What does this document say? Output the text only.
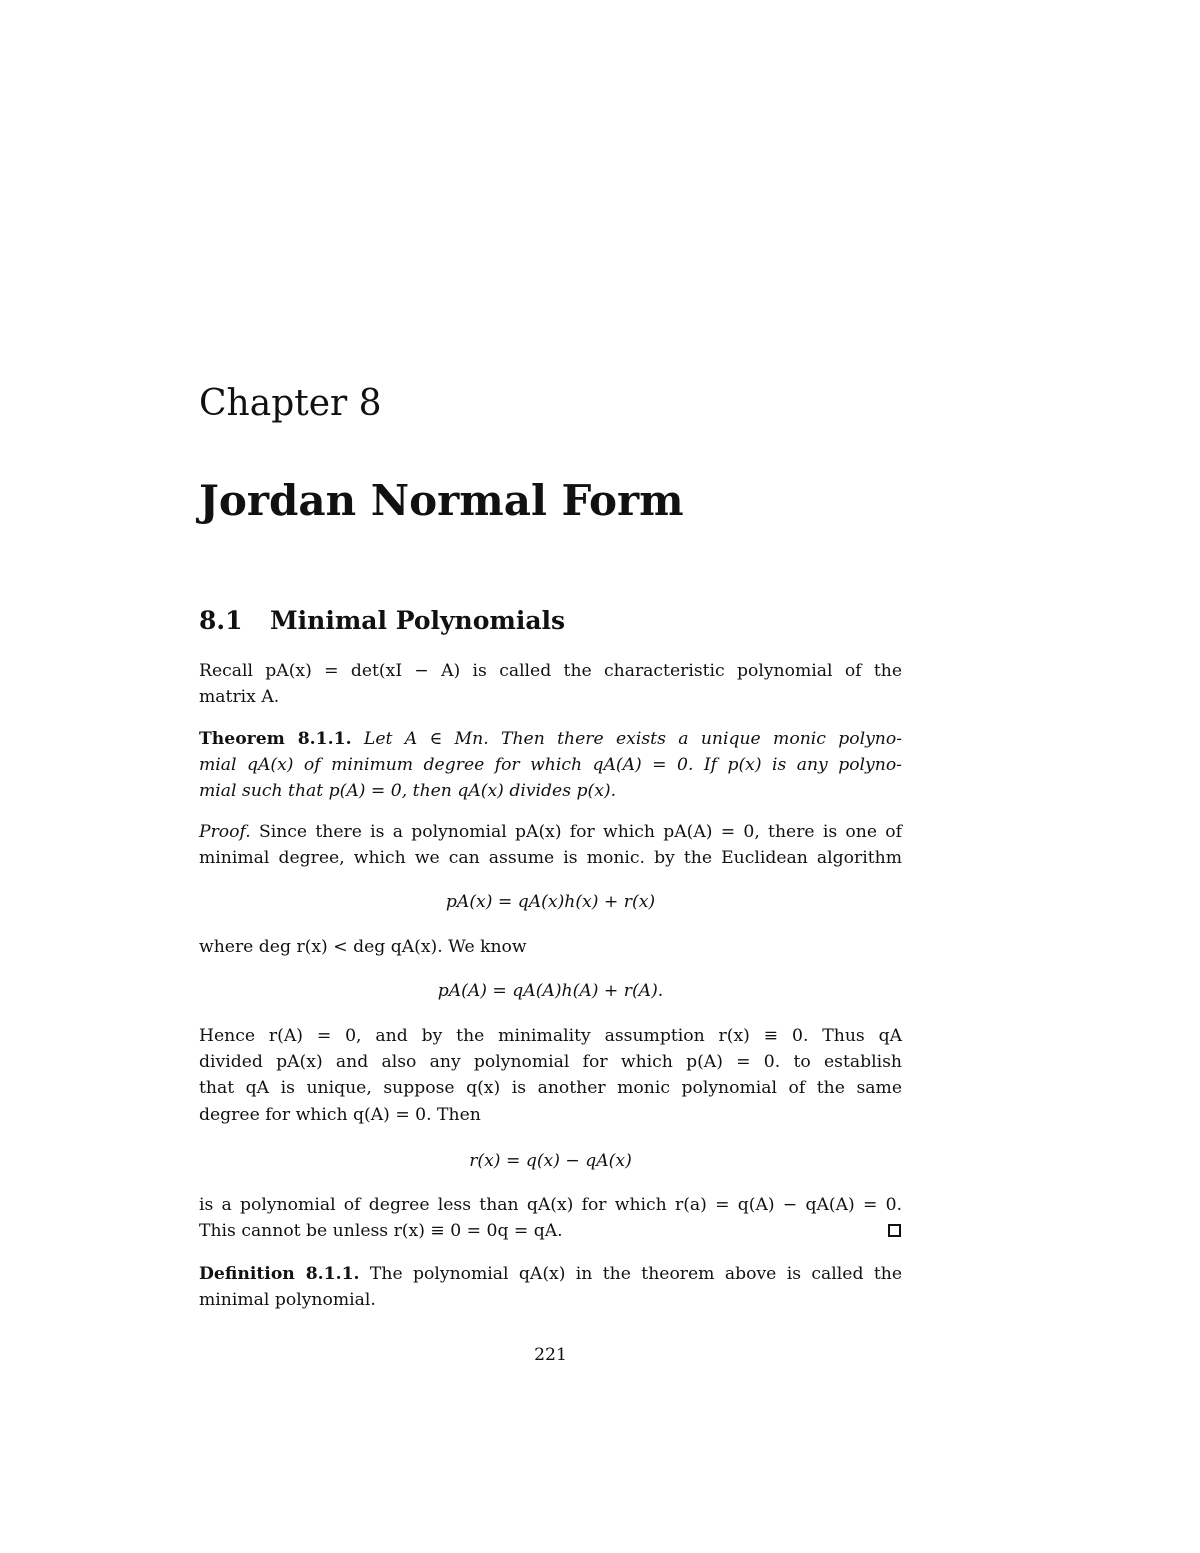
Chapter 8
Jordan Normal Form
8.1 Minimal Polynomials
Recall pA(x) = det(xI − A) is called the characteristic polynomial of the
matrix A.
Theorem 8.1.1. Let A ∈ Mn. Then there exists a unique monic polyno-
mial qA(x) of minimum degree for which qA(A) = 0. If p(x) is any polyno-
mial such that p(A) = 0, then qA(x) divides p(x).
Proof. Since there is a polynomial pA(x) for which pA(A) = 0, there is one of
minimal degree, which we can assume is monic. by the Euclidean algorithm
pA(x) = qA(x)h(x) + r(x)
where deg r(x) < deg qA(x). We know
pA(A) = qA(A)h(A) + r(A).
Hence r(A) = 0, and by the minimality assumption r(x) ≡ 0. Thus qA
divided pA(x) and also any polynomial for which p(A) = 0. to establish
that qA is unique, suppose q(x) is another monic polynomial of the same
degree for which q(A) = 0. Then
r(x) = q(x) − qA(x)
is a polynomial of degree less than qA(x) for which r(a) = q(A) − qA(A) = 0.
This cannot be unless r(x) ≡ 0 = 0q = qA.
Definition 8.1.1. The polynomial qA(x) in the theorem above is called the
minimal polynomial.
221
